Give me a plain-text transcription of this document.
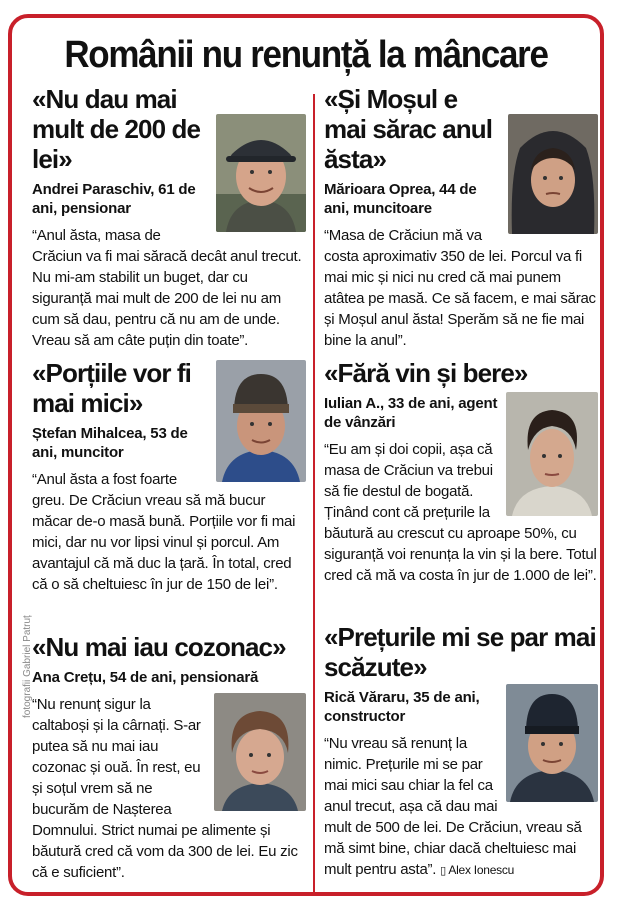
Românii nu renunță la mâncare
fotografii Gabriel Patruț
«Nu dau mai mult de 200 de lei»

Andrei Paraschiv, 61 de ani, pensionar

“Anul ăsta, masa de Crăciun va fi mai săracă decât anul trecut. Nu mi-am stabilit un buget, dar cu siguranță mai mult de 200 de lei nu am cum să dau, pentru că nu am de unde. Vreau să am câte puțin din toate”.

«Porțiile vor fi mai mici»

Ștefan Mihalcea, 53 de ani, muncitor

“Anul ăsta a fost foarte greu. De Crăciun vreau să mă bucur măcar de-o masă bună. Porțiile vor fi mai mici, dar nu vor lipsi vinul și porcul. Am avantajul că mă duc la țară. În total, cred că o să cheltuiesc în jur de 150 de lei”.

«Nu mai iau cozonac»

Ana Crețu, 54 de ani, pensionară

“Nu renunț sigur la caltaboși și la cârnați. S-ar putea să nu mai iau cozonac și ouă. În rest, eu și soțul vrem să ne bucurăm de Nașterea Domnului. Strict numai pe alimente și băutură cred că vom da 300 de lei. Eu zic că e suficient”.

«Și Moșul e mai sărac anul ăsta»

Mărioara Oprea, 44 de ani, muncitoare

“Masa de Crăciun mă va costa aproximativ 350 de lei. Porcul va fi mai mic și nici nu cred că mai punem atâtea pe masă. Ce să facem, e mai sărac și Moșul anul ăsta! Sperăm să ne fie mai bine la anul”.

«Fără vin și bere»

Iulian A., 33 de ani, agent de vânzări

“Eu am și doi copii, așa că masa de Crăciun va trebui să fie destul de bogată. Ținând cont că prețurile la băutură au crescut cu aproape 50%, cu siguranță voi renunța la vin și la bere. Totul cred că mă va costa în jur de 1.000 de lei”.

«Prețurile mi se par mai scăzute»

Rică Văraru, 35 de ani, constructor

“Nu vreau să renunț la nimic. Prețurile mi se par mai mici sau chiar la fel ca anul trecut, așa că dau mai mult de 500 de lei. De Crăciun, vreau să mă simt bine, chiar dacă cheltuiesc mai mult pentru asta”. ▯ Alex Ionescu
